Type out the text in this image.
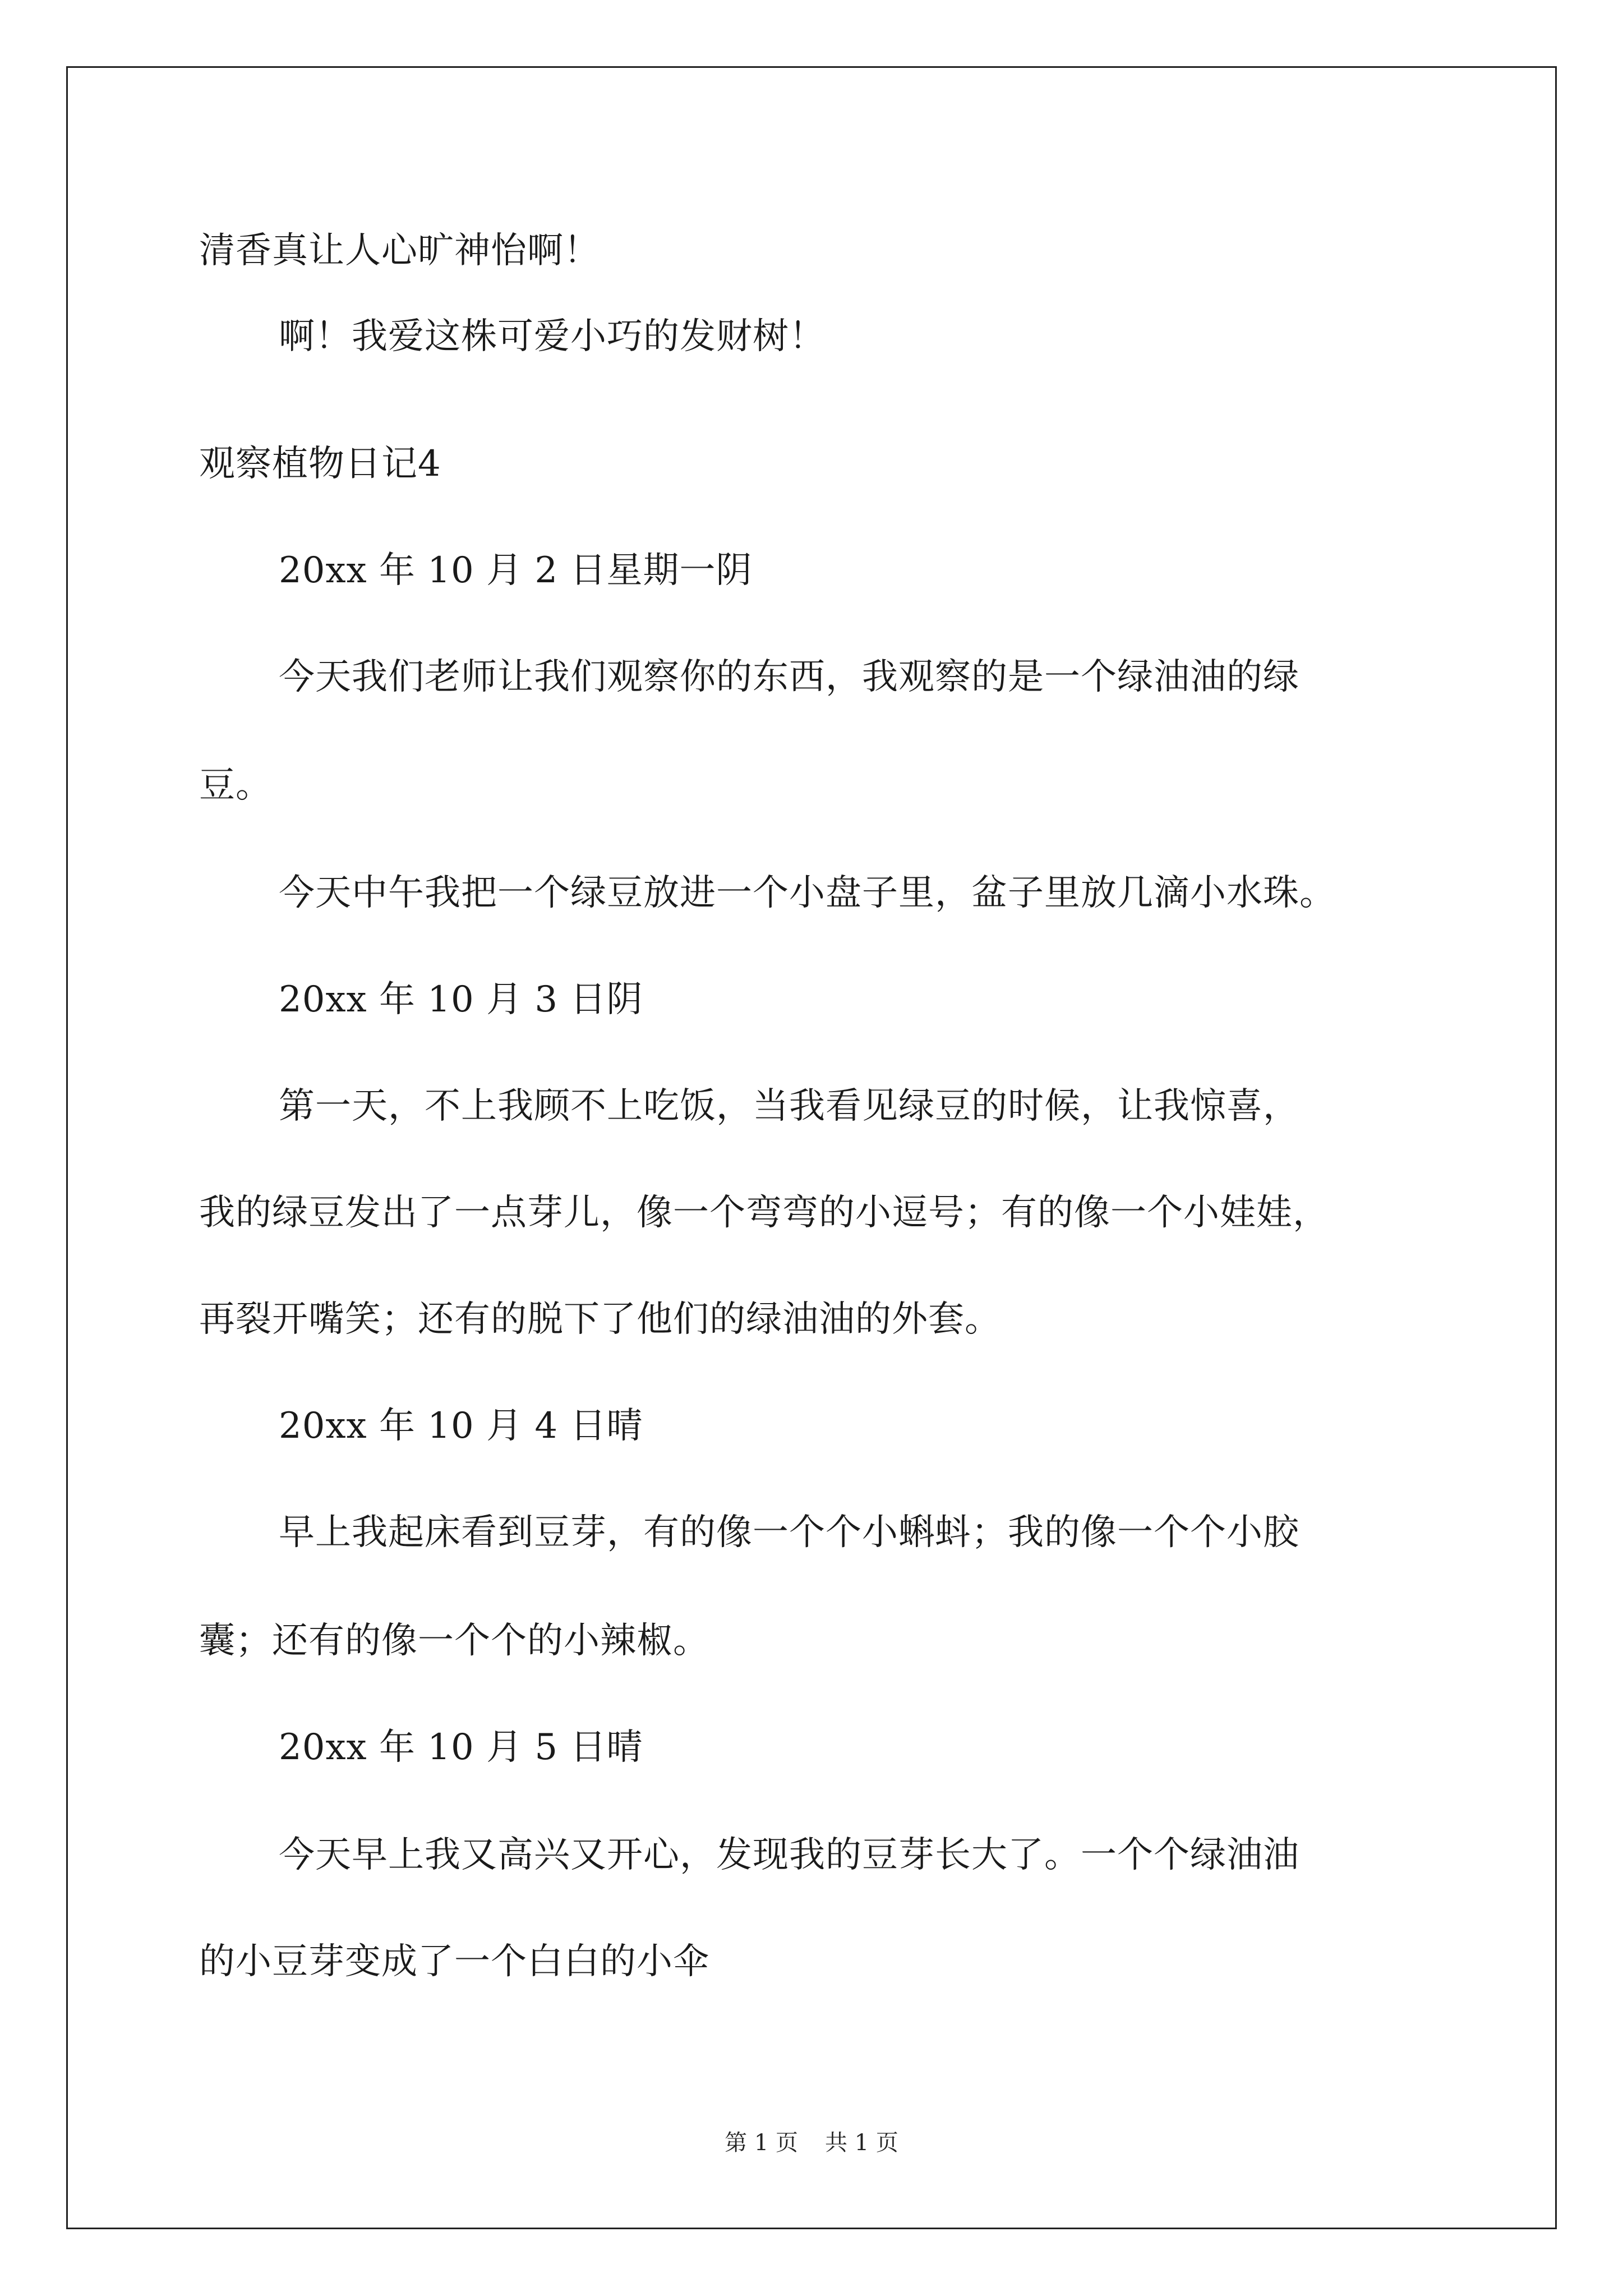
清香真让人心旷神怡啊！
啊！我爱这株可爱小巧的发财树！
观察植物日记4
20xx 年 10 月 2 日星期一阴
今天我们老师让我们观察你的东西，我观察的是一个绿油油的绿
豆。
今天中午我把一个绿豆放进一个小盘子里，盆子里放几滴小水珠。
20xx 年 10 月 3 日阴
第一天，不上我顾不上吃饭，当我看见绿豆的时候，让我惊喜，
我的绿豆发出了一点芽儿，像一个弯弯的小逗号；有的像一个小娃娃，
再裂开嘴笑；还有的脱下了他们的绿油油的外套。
20xx 年 10 月 4 日晴
早上我起床看到豆芽，有的像一个个小蝌蚪；我的像一个个小胶
囊；还有的像一个个的小辣椒。
20xx 年 10 月 5 日晴
今天早上我又高兴又开心，发现我的豆芽长大了。一个个绿油油
的小豆芽变成了一个白白的小伞
第 1 页 共 1 页
